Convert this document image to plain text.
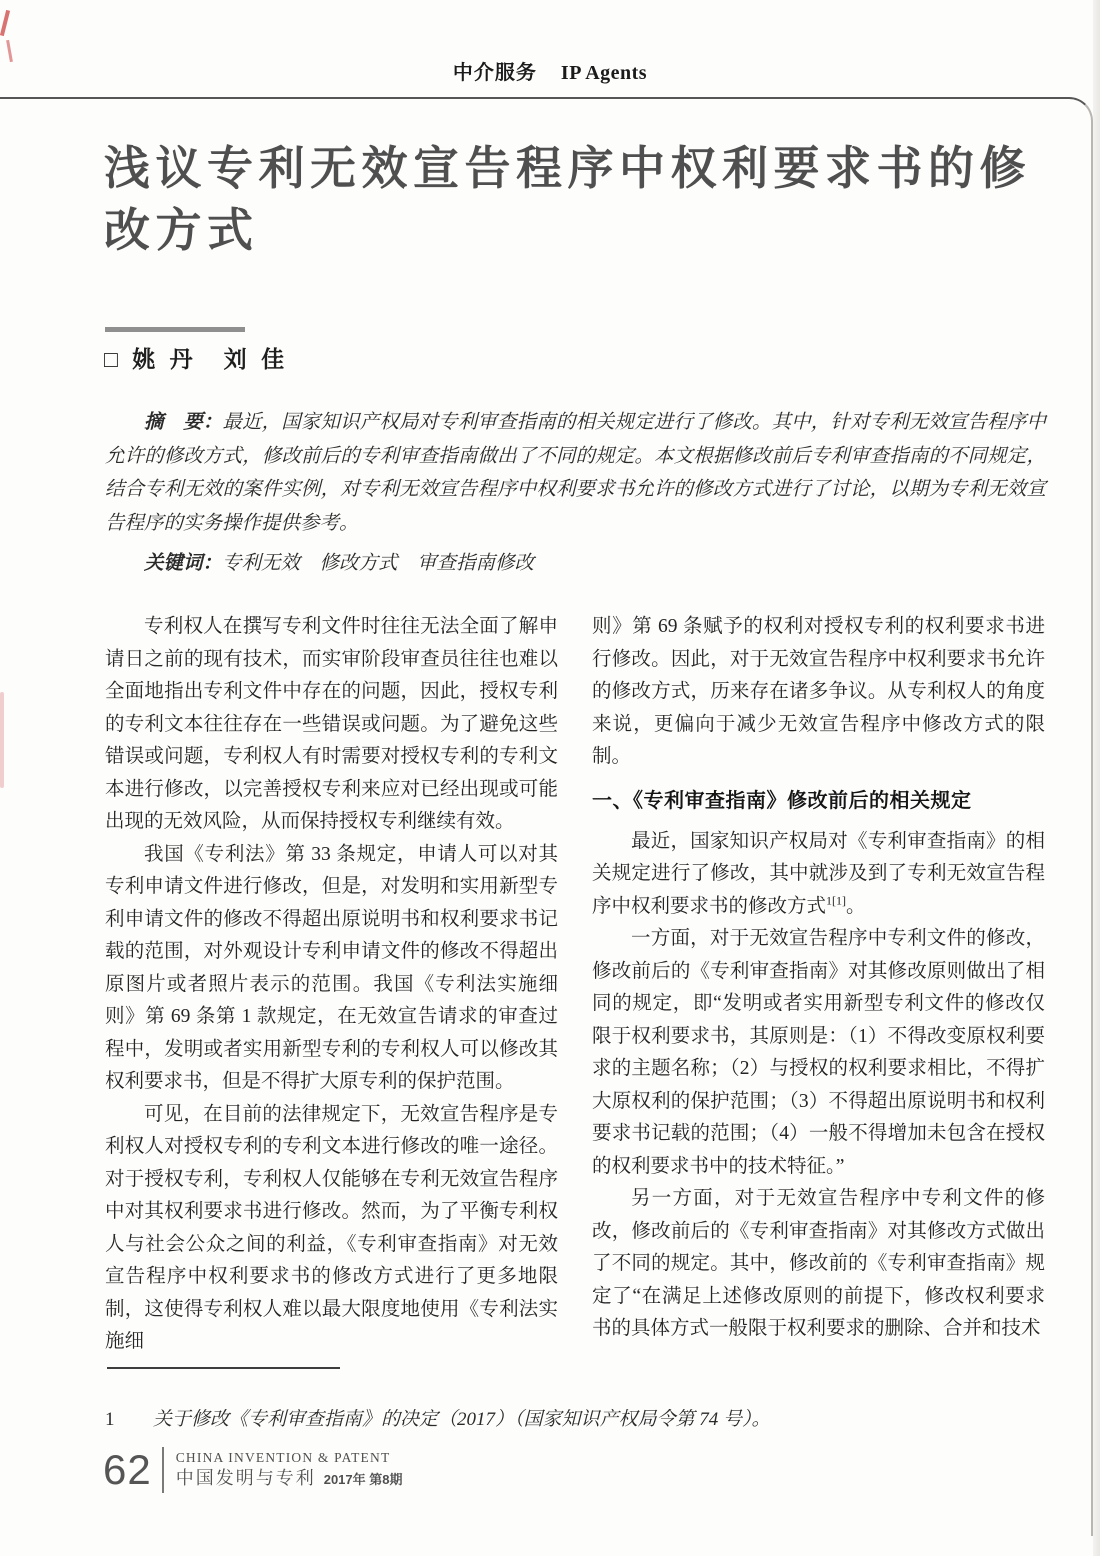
中介服务 IP Agents
浅议专利无效宣告程序中权利要求书的修改方式
□ 姚 丹　刘 佳

摘　要：最近，国家知识产权局对专利审查指南的相关规定进行了修改。其中，针对专利无效宣告程序中允许的修改方式，修改前后的专利审查指南做出了不同的规定。本文根据修改前后专利审查指南的不同规定，结合专利无效的案件实例，对专利无效宣告程序中权利要求书允许的修改方式进行了讨论，以期为专利无效宣告程序的实务操作提供参考。

关键词：专利无效　修改方式　审查指南修改

专利权人在撰写专利文件时往往无法全面了解申请日之前的现有技术，而实审阶段审查员往往也难以全面地指出专利文件中存在的问题，因此，授权专利的专利文本往往存在一些错误或问题。为了避免这些错误或问题，专利权人有时需要对授权专利的专利文本进行修改，以完善授权专利来应对已经出现或可能出现的无效风险，从而保持授权专利继续有效。

我国《专利法》第 33 条规定，申请人可以对其专利申请文件进行修改，但是，对发明和实用新型专利申请文件的修改不得超出原说明书和权利要求书记载的范围，对外观设计专利申请文件的修改不得超出原图片或者照片表示的范围。我国《专利法实施细则》第 69 条第 1 款规定，在无效宣告请求的审查过程中，发明或者实用新型专利的专利权人可以修改其权利要求书，但是不得扩大原专利的保护范围。

可见，在目前的法律规定下，无效宣告程序是专利权人对授权专利的专利文本进行修改的唯一途径。对于授权专利，专利权人仅能够在专利无效宣告程序中对其权利要求书进行修改。然而，为了平衡专利权人与社会公众之间的利益，《专利审查指南》对无效宣告程序中权利要求书的修改方式进行了更多地限制，这使得专利权人难以最大限度地使用《专利法实施细

则》第 69 条赋予的权利对授权专利的权利要求书进行修改。因此，对于无效宣告程序中权利要求书允许的修改方式，历来存在诸多争议。从专利权人的角度来说，更偏向于减少无效宣告程序中修改方式的限制。

一、《专利审查指南》修改前后的相关规定

最近，国家知识产权局对《专利审查指南》的相关规定进行了修改，其中就涉及到了专利无效宣告程序中权利要求书的修改方式$^{1[1]}$。

一方面，对于无效宣告程序中专利文件的修改，修改前后的《专利审查指南》对其修改原则做出了相同的规定，即“发明或者实用新型专利文件的修改仅限于权利要求书，其原则是：（1）不得改变原权利要求的主题名称；（2）与授权的权利要求相比，不得扩大原权利的保护范围；（3）不得超出原说明书和权利要求书记载的范围；（4）一般不得增加未包含在授权的权利要求书中的技术特征。”

另一方面，对于无效宣告程序中专利文件的修改，修改前后的《专利审查指南》对其修改方式做出了不同的规定。其中，修改前的《专利审查指南》规定了“在满足上述修改原则的前提下，修改权利要求书的具体方式一般限于权利要求的删除、合并和技术

1 关于修改《专利审查指南》的决定（2017）（国家知识产权局令第 74 号）。

62 CHINA INVENTION & PATENT
中国发明与专利 2017年 第8期
